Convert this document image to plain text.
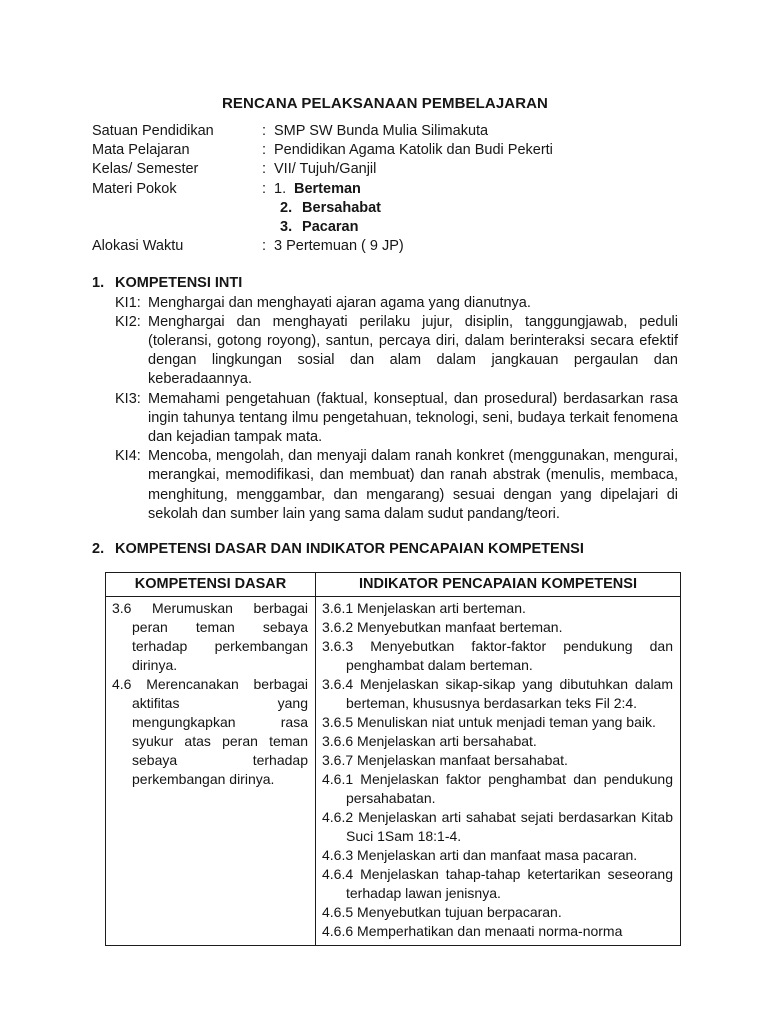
RENCANA PELAKSANAAN PEMBELAJARAN
Satuan Pendidikan	: SMP SW Bunda Mulia Silimakuta
Mata Pelajaran	: Pendidikan Agama Katolik dan Budi Pekerti
Kelas/ Semester	: VII/ Tujuh/Ganjil
Materi Pokok	: 1. Berteman
2. Bersahabat
3. Pacaran
Alokasi Waktu	: 3 Pertemuan ( 9 JP)
1. KOMPETENSI INTI
KI1: Menghargai dan menghayati ajaran agama yang dianutnya.
KI2: Menghargai dan menghayati perilaku jujur, disiplin, tanggungjawab, peduli (toleransi, gotong royong), santun, percaya diri, dalam berinteraksi secara efektif dengan lingkungan sosial dan alam dalam jangkauan pergaulan dan keberadaannya.
KI3: Memahami pengetahuan (faktual, konseptual, dan prosedural) berdasarkan rasa ingin tahunya tentang ilmu pengetahuan, teknologi, seni, budaya terkait fenomena dan kejadian tampak mata.
KI4: Mencoba, mengolah, dan menyaji dalam ranah konkret (menggunakan, mengurai, merangkai, memodifikasi, dan membuat) dan ranah abstrak (menulis, membaca, menghitung, menggambar, dan mengarang) sesuai dengan yang dipelajari di sekolah dan sumber lain yang sama dalam sudut pandang/teori.
2. KOMPETENSI DASAR DAN INDIKATOR PENCAPAIAN KOMPETENSI
KOMPETENSI DASAR	INDIKATOR PENCAPAIAN KOMPETENSI

3.6 Merumuskan berbagai peran teman sebaya terhadap perkembangan dirinya.
4.6 Merencanakan berbagai aktifitas yang mengungkapkan rasa syukur atas peran teman sebaya terhadap perkembangan dirinya.

3.6.1 Menjelaskan arti berteman.
3.6.2 Menyebutkan manfaat berteman.
3.6.3 Menyebutkan faktor-faktor pendukung dan penghambat dalam berteman.
3.6.4 Menjelaskan sikap-sikap yang dibutuhkan dalam berteman, khususnya berdasarkan teks Fil 2:4.
3.6.5 Menuliskan niat untuk menjadi teman yang baik.
3.6.6 Menjelaskan arti bersahabat.
3.6.7 Menjelaskan manfaat bersahabat.
4.6.1 Menjelaskan faktor penghambat dan pendukung persahabatan.
4.6.2 Menjelaskan arti sahabat sejati berdasarkan Kitab Suci 1Sam 18:1-4.
4.6.3 Menjelaskan arti dan manfaat masa pacaran.
4.6.4 Menjelaskan tahap-tahap ketertarikan seseorang terhadap lawan jenisnya.
4.6.5 Menyebutkan tujuan berpacaran.
4.6.6 Memperhatikan dan menaati norma-norma
